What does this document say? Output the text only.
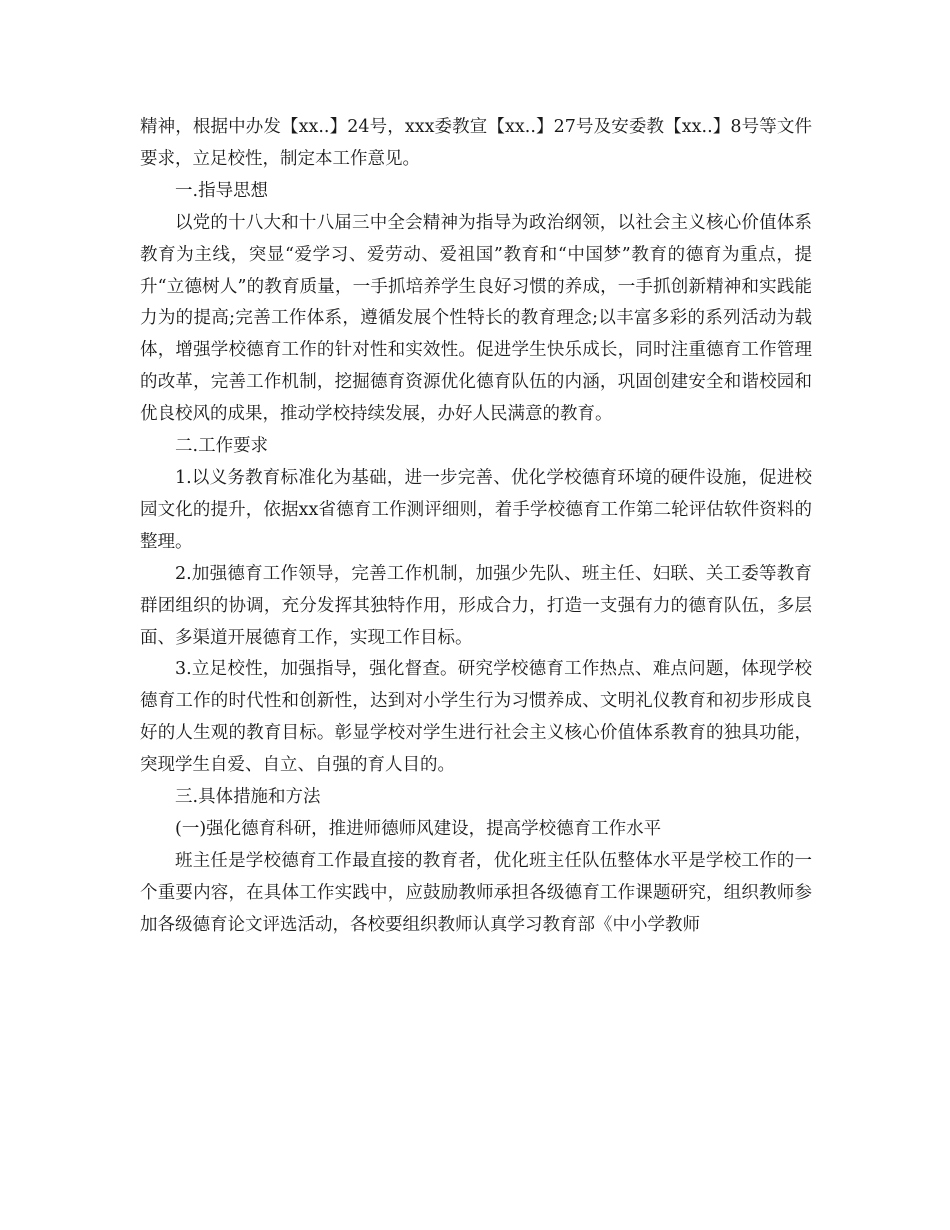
精神，根据中办发【xx..】24号，xxx委教宣【xx..】27号及安委教【xx..】8号等文件要求，立足校性，制定本工作意见。

一.指导思想

以党的十八大和十八届三中全会精神为指导为政治纲领，以社会主义核心价值体系教育为主线，突显“爱学习、爱劳动、爱祖国”教育和“中国梦”教育的德育为重点，提升“立德树人”的教育质量，一手抓培养学生良好习惯的养成，一手抓创新精神和实践能力为的提高;完善工作体系，遵循发展个性特长的教育理念;以丰富多彩的系列活动为载体，增强学校德育工作的针对性和实效性。促进学生快乐成长，同时注重德育工作管理的改革，完善工作机制，挖掘德育资源优化德育队伍的内涵，巩固创建安全和谐校园和优良校风的成果，推动学校持续发展，办好人民满意的教育。

二.工作要求

1.以义务教育标准化为基础，进一步完善、优化学校德育环境的硬件设施，促进校园文化的提升，依据xx省德育工作测评细则，着手学校德育工作第二轮评估软件资料的整理。

2.加强德育工作领导，完善工作机制，加强少先队、班主任、妇联、关工委等教育群团组织的协调，充分发挥其独特作用，形成合力，打造一支强有力的德育队伍，多层面、多渠道开展德育工作，实现工作目标。

3.立足校性，加强指导，强化督查。研究学校德育工作热点、难点问题，体现学校德育工作的时代性和创新性，达到对小学生行为习惯养成、文明礼仪教育和初步形成良好的人生观的教育目标。彰显学校对学生进行社会主义核心价值体系教育的独具功能，突现学生自爱、自立、自强的育人目的。

三.具体措施和方法

(一)强化德育科研，推进师德师风建设，提高学校德育工作水平

班主任是学校德育工作最直接的教育者，优化班主任队伍整体水平是学校工作的一个重要内容，在具体工作实践中，应鼓励教师承担各级德育工作课题研究，组织教师参加各级德育论文评选活动，各校要组织教师认真学习教育部《中小学教师
